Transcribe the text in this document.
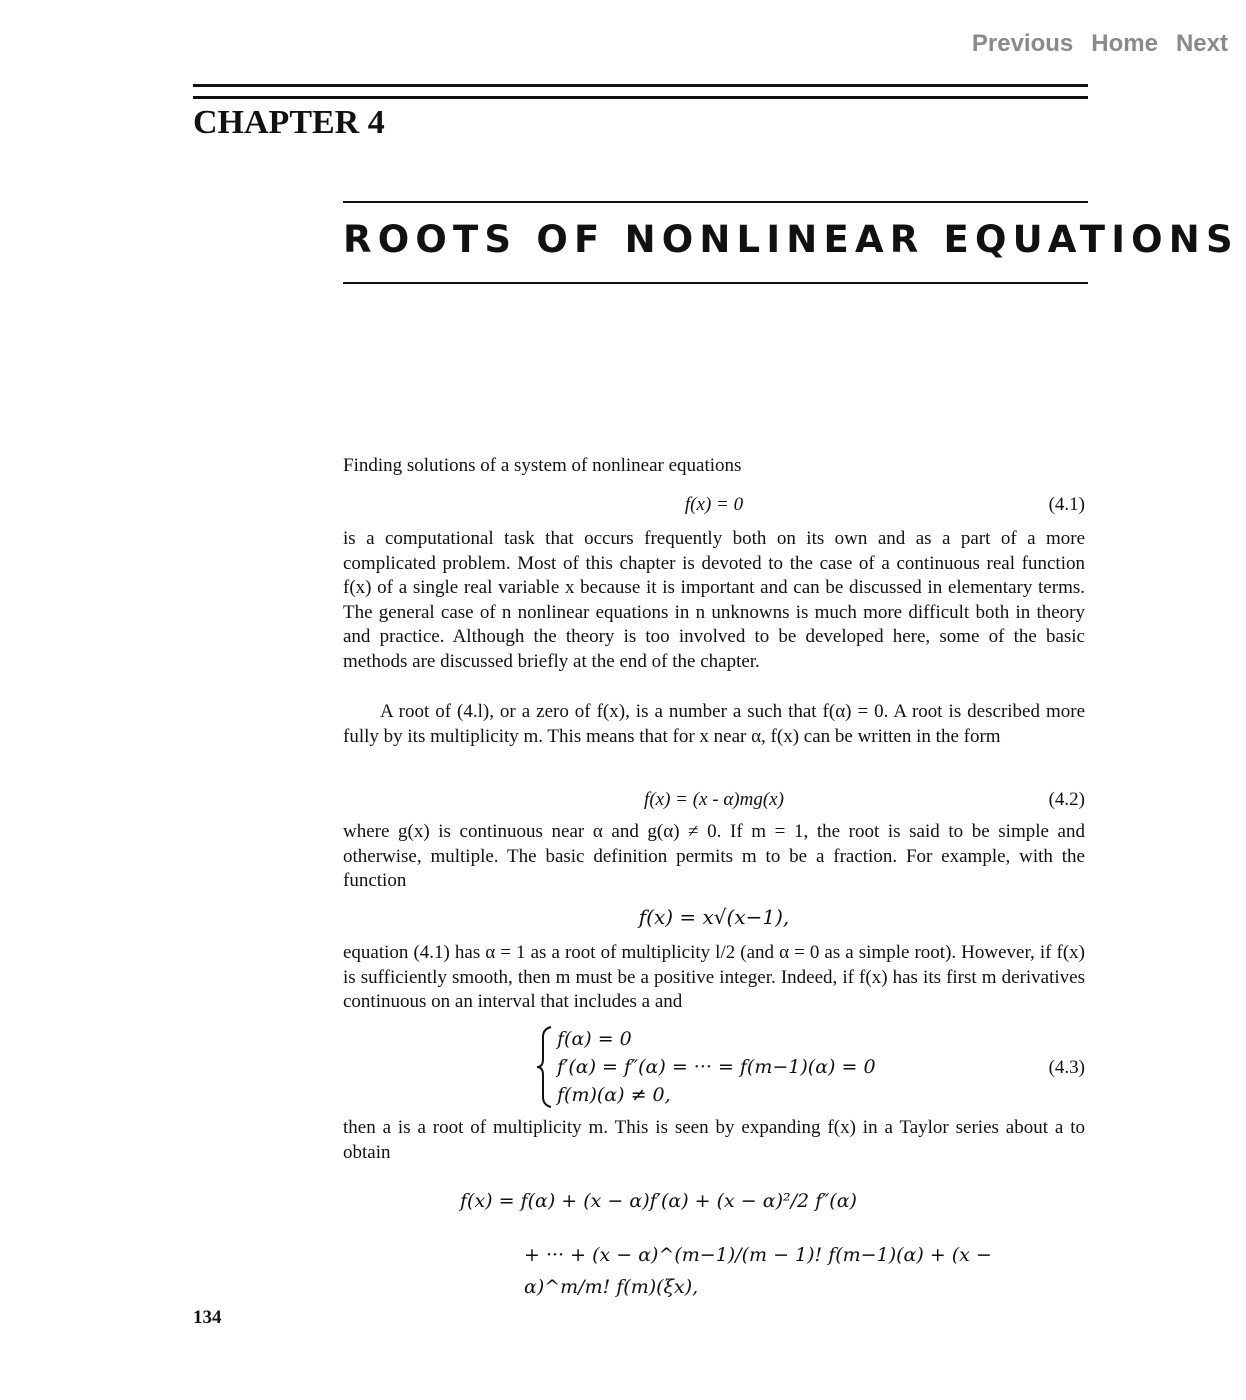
Previous Home Next
CHAPTER 4
ROOTS OF NONLINEAR EQUATIONS

Finding solutions of a system of nonlinear equations

f(x) = 0	(4.1)

is a computational task that occurs frequently both on its own and as a part of a more complicated problem. Most of this chapter is devoted to the case of a continuous real function f(x) of a single real variable x because it is important and can be discussed in elementary terms. The general case of n nonlinear equations in n unknowns is much more difficult both in theory and practice. Although the theory is too involved to be developed here, some of the basic methods are discussed briefly at the end of the chapter.

A root of (4.l), or a zero of f(x), is a number a such that f(α) = 0. A root is described more fully by its multiplicity m. This means that for x near α, f(x) can be written in the form

f(x) = (x - α)mg(x)	(4.2)

where g(x) is continuous near α and g(α) ≠ 0. If m = 1, the root is said to be simple and otherwise, multiple. The basic definition permits m to be a fraction. For example, with the function

f(x) = x√(x−1),

equation (4.1) has α = 1 as a root of multiplicity l/2 (and α = 0 as a simple root). However, if f(x) is sufficiently smooth, then m must be a positive integer. Indeed, if f(x) has its first m derivatives continuous on an interval that includes a and

f(α) = 0
f′(α) = f″(α) = ··· = f(m−1)(α) = 0
f(m)(α) ≠ 0,
(4.3)

then a is a root of multiplicity m. This is seen by expanding f(x) in a Taylor series about a to obtain

f(x) = f(α) + (x − α)f′(α) + (x − α)²/2 f″(α)
+ ··· + (x − α)^(m−1)/(m − 1)! f(m−1)(α) + (x − α)^m/m! f(m)(ξx),
134
